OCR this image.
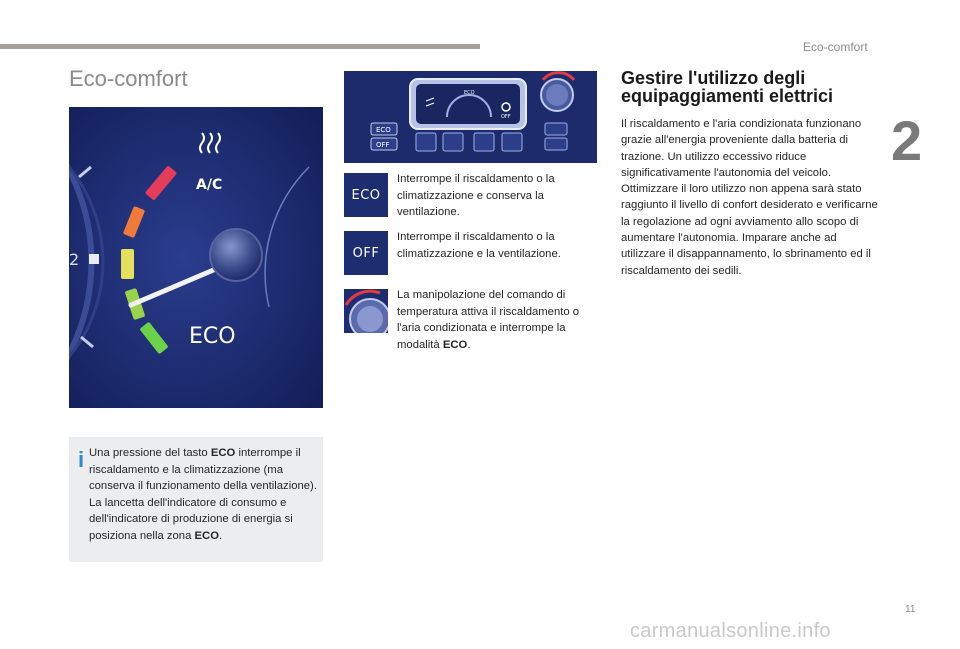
Eco-comfort
2
Eco-comfort
2
A/C
ECO
i Una pressione del tasto ECO interrompe il riscaldamento e la climatizzazione (ma conserva il funzionamento della ventilazione). La lancetta dell'indicatore di consumo e dell'indicatore di produzione di energia si posiziona nella zona ECO.
ECO
OFF
ECO
OFF
ECO
Interrompe il riscaldamento o la climatizzazione e conserva la ventilazione.
OFF
Interrompe il riscaldamento o la climatizzazione e la ventilazione.
La manipolazione del comando di temperatura attiva il riscaldamento o l'aria condizionata e interrompe la modalità ECO.
Gestire l'utilizzo degli equipaggiamenti elettrici
Il riscaldamento e l'aria condizionata funzionano grazie all'energia proveniente dalla batteria di trazione. Un utilizzo eccessivo riduce significativamente l'autonomia del veicolo. Ottimizzare il loro utilizzo non appena sarà stato raggiunto il livello di confort desiderato e verificarne la regolazione ad ogni avviamento allo scopo di aumentare l'autonomia. Imparare anche ad utilizzare il disappannamento, lo sbrinamento ed il riscaldamento dei sedili.
11
carmanualsonline.info
